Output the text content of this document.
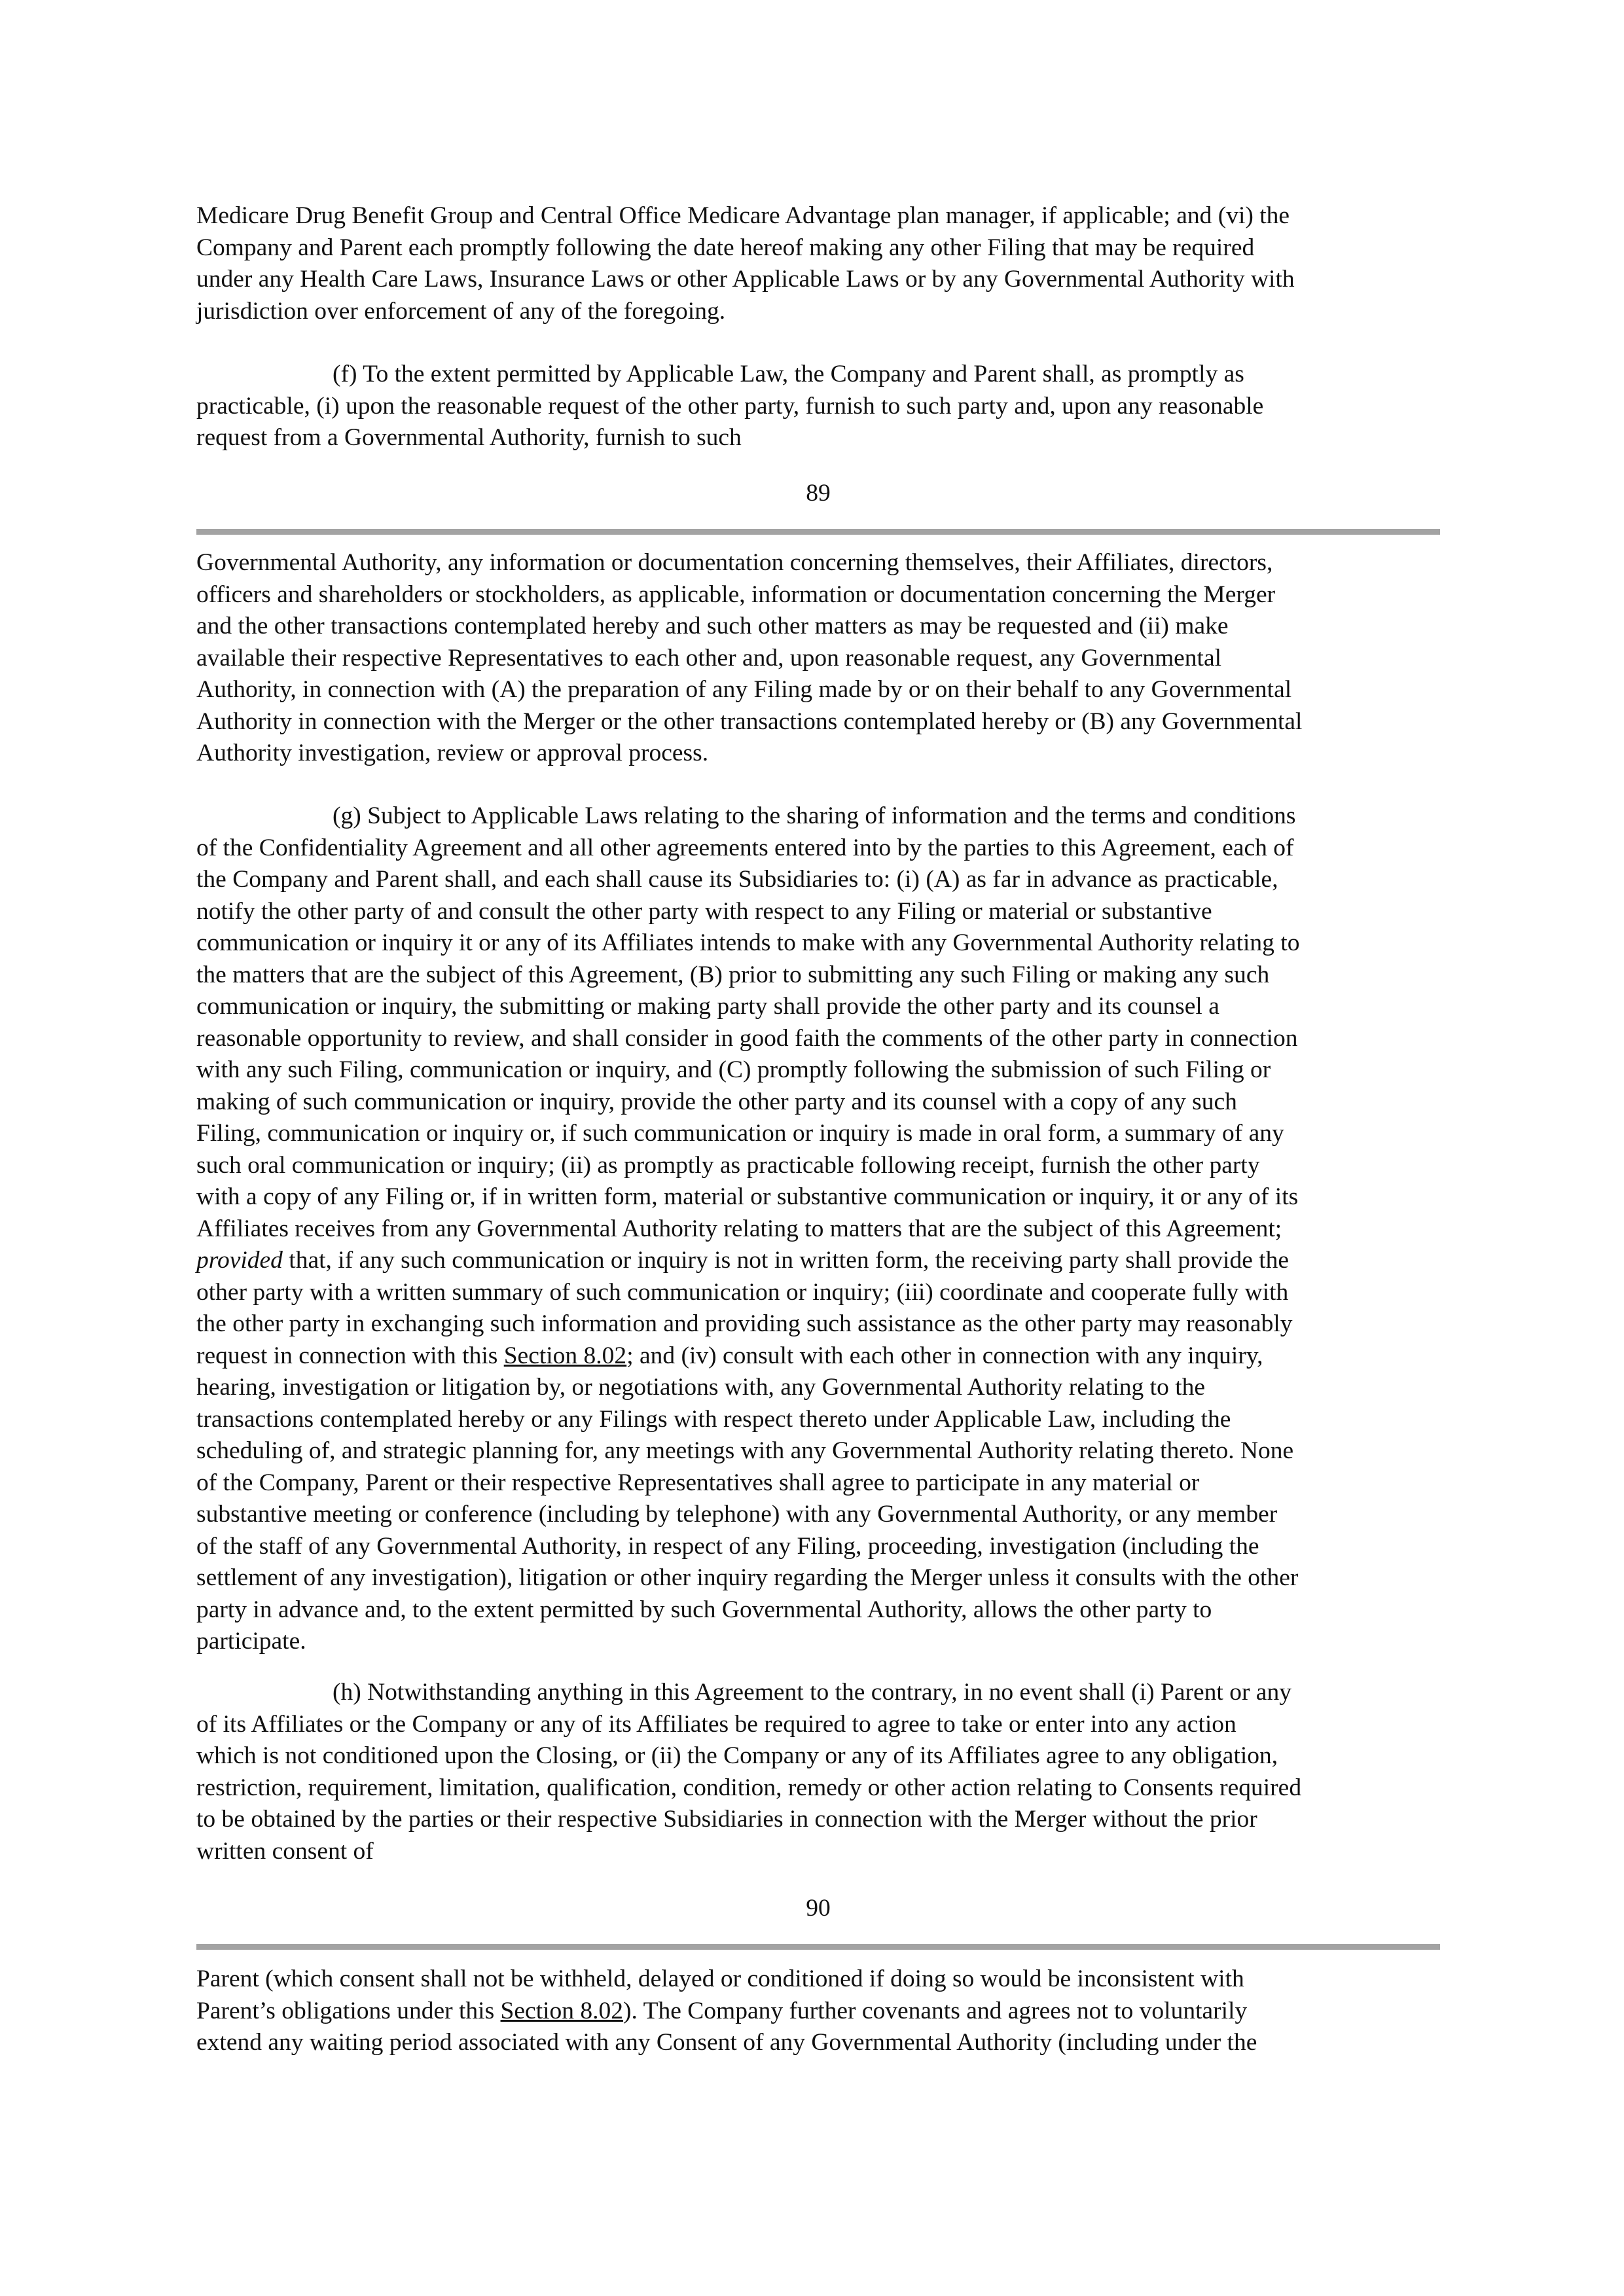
Medicare Drug Benefit Group and Central Office Medicare Advantage plan manager, if applicable; and (vi) the
Company and Parent each promptly following the date hereof making any other Filing that may be required
under any Health Care Laws, Insurance Laws or other Applicable Laws or by any Governmental Authority with
jurisdiction over enforcement of any of the foregoing.

(f) To the extent permitted by Applicable Law, the Company and Parent shall, as promptly as
practicable, (i) upon the reasonable request of the other party, furnish to such party and, upon any reasonable
request from a Governmental Authority, furnish to such

89

Governmental Authority, any information or documentation concerning themselves, their Affiliates, directors,
officers and shareholders or stockholders, as applicable, information or documentation concerning the Merger
and the other transactions contemplated hereby and such other matters as may be requested and (ii) make
available their respective Representatives to each other and, upon reasonable request, any Governmental
Authority, in connection with (A) the preparation of any Filing made by or on their behalf to any Governmental
Authority in connection with the Merger or the other transactions contemplated hereby or (B) any Governmental
Authority investigation, review or approval process.

(g) Subject to Applicable Laws relating to the sharing of information and the terms and conditions
of the Confidentiality Agreement and all other agreements entered into by the parties to this Agreement, each of
the Company and Parent shall, and each shall cause its Subsidiaries to: (i) (A) as far in advance as practicable,
notify the other party of and consult the other party with respect to any Filing or material or substantive
communication or inquiry it or any of its Affiliates intends to make with any Governmental Authority relating to
the matters that are the subject of this Agreement, (B) prior to submitting any such Filing or making any such
communication or inquiry, the submitting or making party shall provide the other party and its counsel a
reasonable opportunity to review, and shall consider in good faith the comments of the other party in connection
with any such Filing, communication or inquiry, and (C) promptly following the submission of such Filing or
making of such communication or inquiry, provide the other party and its counsel with a copy of any such
Filing, communication or inquiry or, if such communication or inquiry is made in oral form, a summary of any
such oral communication or inquiry; (ii) as promptly as practicable following receipt, furnish the other party
with a copy of any Filing or, if in written form, material or substantive communication or inquiry, it or any of its
Affiliates receives from any Governmental Authority relating to matters that are the subject of this Agreement;
provided that, if any such communication or inquiry is not in written form, the receiving party shall provide the
other party with a written summary of such communication or inquiry; (iii) coordinate and cooperate fully with
the other party in exchanging such information and providing such assistance as the other party may reasonably
request in connection with this Section 8.02; and (iv) consult with each other in connection with any inquiry,
hearing, investigation or litigation by, or negotiations with, any Governmental Authority relating to the
transactions contemplated hereby or any Filings with respect thereto under Applicable Law, including the
scheduling of, and strategic planning for, any meetings with any Governmental Authority relating thereto. None
of the Company, Parent or their respective Representatives shall agree to participate in any material or
substantive meeting or conference (including by telephone) with any Governmental Authority, or any member
of the staff of any Governmental Authority, in respect of any Filing, proceeding, investigation (including the
settlement of any investigation), litigation or other inquiry regarding the Merger unless it consults with the other
party in advance and, to the extent permitted by such Governmental Authority, allows the other party to
participate.

(h) Notwithstanding anything in this Agreement to the contrary, in no event shall (i) Parent or any
of its Affiliates or the Company or any of its Affiliates be required to agree to take or enter into any action
which is not conditioned upon the Closing, or (ii) the Company or any of its Affiliates agree to any obligation,
restriction, requirement, limitation, qualification, condition, remedy or other action relating to Consents required
to be obtained by the parties or their respective Subsidiaries in connection with the Merger without the prior
written consent of

90

Parent (which consent shall not be withheld, delayed or conditioned if doing so would be inconsistent with
Parent’s obligations under this Section 8.02). The Company further covenants and agrees not to voluntarily
extend any waiting period associated with any Consent of any Governmental Authority (including under the
